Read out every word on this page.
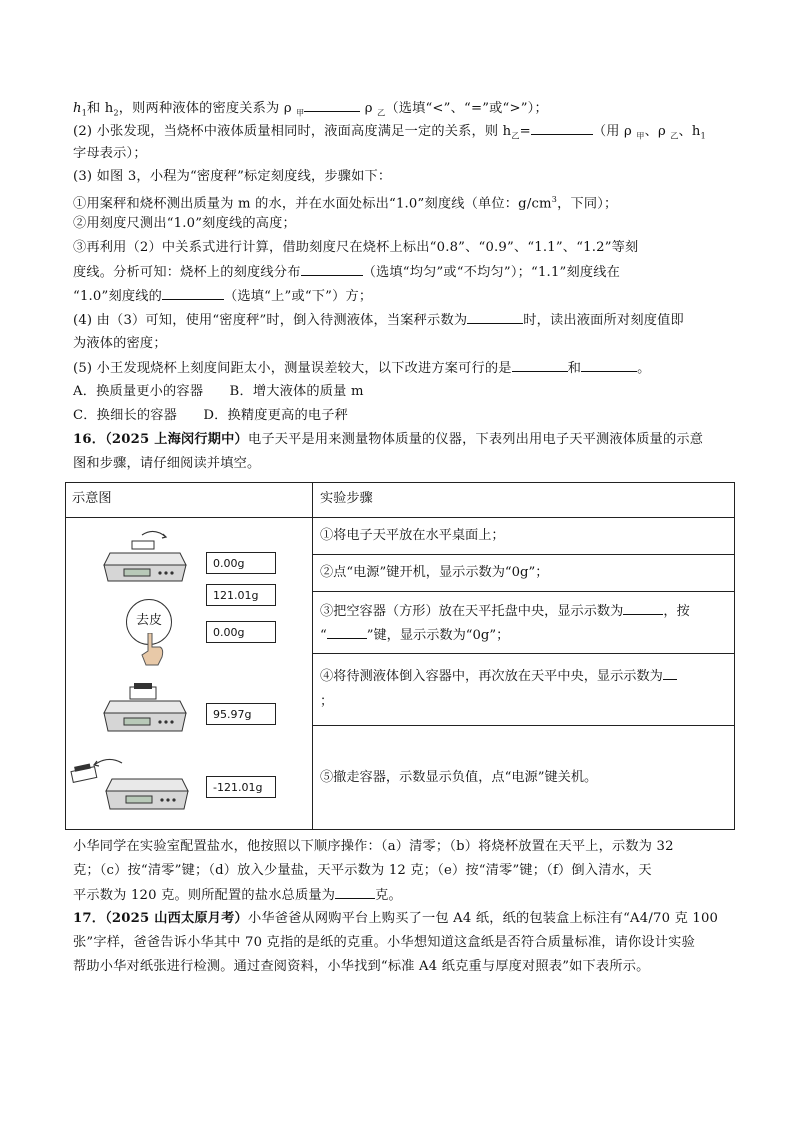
$h_1$和 $h_2$，则两种液体的密度关系为 ρ $_甲$	ρ $_乙$（选填“<”、“=”或“>”）；
(2) 小张发现，当烧杯中液体质量相同时，液面高度满足一定的关系，则 $h_乙=$	（用 ρ $_甲$、ρ $_乙$、$h_1$
字母表示）；
(3) 如图 3，小程为“密度秤”标定刻度线，步骤如下：
①用案秤和烧杯测出质量为 m 的水，并在水面处标出“1.0”刻度线（单位：$g/cm^3$，下同）；
②用刻度尺测出“1.0”刻度线的高度；
③再利用（2）中关系式进行计算，借助刻度尺在烧杯上标出“0.8”、“0.9”、“1.1”、“1.2”等刻
度线。分析可知：烧杯上的刻度线分布	（选填“均匀”或“不均匀”）；“1.1”刻度线在
“1.0”刻度线的	（选填“上”或“下”）方；
(4) 由（3）可知，使用“密度秤”时，倒入待测液体，当案秤示数为	时，读出液面所对刻度值即
为液体的密度；
(5) 小王发现烧杯上刻度间距太小，测量误差较大，以下改进方案可行的是	和	。
A．换质量更小的容器      B．增大液体的质量 m
C．换细长的容器      D．换精度更高的电子秤
16．（2025 上海闵行期中）电子天平是用来测量物体质量的仪器，下表列出用电子天平测液体质量的示意
图和步骤，请仔细阅读并填空。
示意图	实验步骤
①将电子天平放在水平桌面上；
②点“电源”键开机，显示示数为“0g”；
③把空容器（方形）放在天平托盘中央，显示示数为	，按
“	”键，显示示数为“0g”；
④将待测液体倒入容器中，再次放在天平中央，显示示数为
；
⑤撤走容器，示数显示负值，点“电源”键关机。
0.00g
121.01g
0.00g
去皮
95.97g
-121.01g
小华同学在实验室配置盐水，他按照以下顺序操作：（a）清零；（b）将烧杯放置在天平上，示数为 32
克；（c）按“清零”键；（d）放入少量盐，天平示数为 12 克；（e）按“清零”键；（f）倒入清水，天
平示数为 120 克。则所配置的盐水总质量为	克。
17．（2025 山西太原月考）小华爸爸从网购平台上购买了一包 A4 纸，纸的包装盒上标注有“A4/70 克 100
张”字样，爸爸告诉小华其中 70 克指的是纸的克重。小华想知道这盒纸是否符合质量标准，请你设计实验
帮助小华对纸张进行检测。通过查阅资料，小华找到“标准 A4 纸克重与厚度对照表”如下表所示。
